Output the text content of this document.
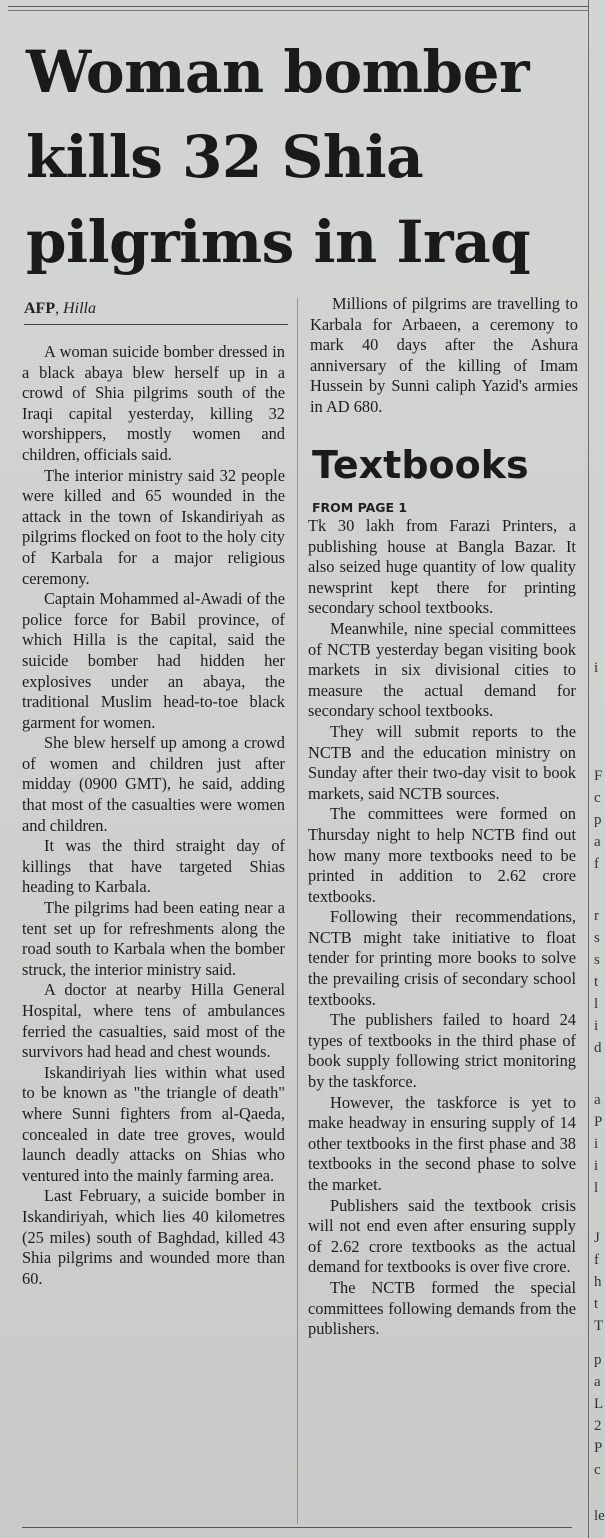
Woman bomber
kills 32 Shia
pilgrims in Iraq
AFP, Hilla

A woman suicide bomber dressed in a black abaya blew herself up in a crowd of Shia pilgrims south of the Iraqi capital yesterday, killing 32 worshippers, mostly women and children, officials said.

The interior ministry said 32 people were killed and 65 wounded in the attack in the town of Iskandiriyah as pilgrims flocked on foot to the holy city of Karbala for a major religious ceremony.

Captain Mohammed al-Awadi of the police force for Babil province, of which Hilla is the capital, said the suicide bomber had hidden her explosives under an abaya, the traditional Muslim head-to-toe black garment for women.

She blew herself up among a crowd of women and children just after midday (0900 GMT), he said, adding that most of the casualties were women and children.

It was the third straight day of killings that have targeted Shias heading to Karbala.

The pilgrims had been eating near a tent set up for refreshments along the road south to Karbala when the bomber struck, the interior ministry said.

A doctor at nearby Hilla General Hospital, where tens of ambulances ferried the casualties, said most of the survivors had head and chest wounds.

Iskandiriyah lies within what used to be known as "the triangle of death" where Sunni fighters from al-Qaeda, concealed in date tree groves, would launch deadly attacks on Shias who ventured into the mainly farming area.

Last February, a suicide bomber in Iskandiriyah, which lies 40 kilometres (25 miles) south of Baghdad, killed 43 Shia pilgrims and wounded more than 60.

Millions of pilgrims are travelling to Karbala for Arbaeen, a ceremony to mark 40 days after the Ashura anniversary of the killing of Imam Hussein by Sunni caliph Yazid's armies in AD 680.

Textbooks
FROM PAGE 1

Tk 30 lakh from Farazi Printers, a publishing house at Bangla Bazar. It also seized huge quantity of low quality newsprint kept there for printing secondary school textbooks.

Meanwhile, nine special committees of NCTB yesterday began visiting book markets in six divisional cities to measure the actual demand for secondary school textbooks.

They will submit reports to the NCTB and the education ministry on Sunday after their two-day visit to book markets, said NCTB sources.

The committees were formed on Thursday night to help NCTB find out how many more textbooks need to be printed in addition to 2.62 crore textbooks.

Following their recommendations, NCTB might take initiative to float tender for printing more books to solve the prevailing crisis of secondary school textbooks.

The publishers failed to hoard 24 types of textbooks in the third phase of book supply following strict monitoring by the taskforce.

However, the taskforce is yet to make headway in ensuring supply of 14 other textbooks in the first phase and 38 textbooks in the second phase to solve the market.

Publishers said the textbook crisis will not end even after ensuring supply of 2.62 crore textbooks as the actual demand for textbooks is over five crore.

The NCTB formed the special committees following demands from the publishers.

i
F
c
p
a
f
r
s
s
t
l
i
d
a
P
i
i
l
J
f
h
t
T
p
a
L
2
P
c
le
